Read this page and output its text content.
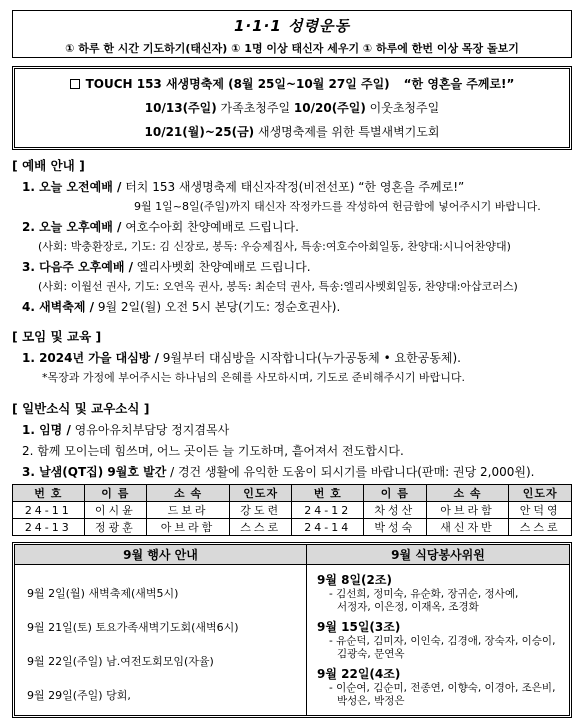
1·1·1 성령운동
① 하루 한 시간 기도하기(태신자) ① 1명 이상 태신자 세우기 ① 하루에 한번 이상 목장 돌보기
TOUCH 153 새생명축제 (8월 25일~10월 27일 주일) “한 영혼을 주께로!”
10/13(주일) 가족초청주일 10/20(주일) 이웃초청주일
10/21(월)~25(금) 새생명축제를 위한 특별새벽기도회
[ 예배 안내 ]
1. 오늘 오전예배 / 터치 153 새생명축제 태신자작정(비전선포) “한 영혼을 주께로!”
9월 1일~8일(주일)까지 태신자 작정카드를 작성하여 헌금함에 넣어주시기 바랍니다.
2. 오늘 오후예배 / 여호수아회 찬양예배로 드립니다.
(사회: 박충환장로, 기도: 김 신장로, 봉독: 우승제집사, 특송:여호수아회일동, 찬양대:시니어찬양대)
3. 다음주 오후예배 / 엘리사벳회 찬양예배로 드립니다.
(사회: 이월선 권사, 기도: 오연옥 권사, 봉독: 최순덕 권사, 특송:엘리사벳회일동, 찬양대:아삽코러스)
4. 새벽축제 / 9월 2일(월) 오전 5시 본당(기도: 정순호권사).
[ 모임 및 교육 ]
1. 2024년 가을 대심방 / 9월부터 대심방을 시작합니다(누가공동체 • 요한공동체).
*목장과 가정에 부어주시는 하나님의 은혜를 사모하시며, 기도로 준비해주시기 바랍니다.
[ 일반소식 및 교우소식 ]
1. 임명 / 영유아유치부담당 정지겸목사
2. 함께 모이는데 힘쓰며, 어느 곳이든 늘 기도하며, 흩어져서 전도합시다.
3. 날샘(QT집) 9월호 발간 / 경건 생활에 유익한 도움이 되시기를 바랍니다(판매: 권당 2,000원).
번 호	이 름	소 속	인도자	번 호	이 름	소 속	인도자
24-11	이시윤	드보라	강도련	24-12	차성산	아브라함	안덕영
24-13	정광훈	아브라함	스스로	24-14	박성숙	새신자반	스스로
9월 행사 안내
9월 2일(월) 새벽축제(새벽5시)
9월 21일(토) 토요가족새벽기도회(새벽6시)
9월 22일(주일) 남.여전도회모임(자율)
9월 29일(주일) 당회,
9월 식당봉사위원
9월 8일(2조)
- 김선희, 정미숙, 유순화, 장귀순, 정사예,
서정자, 이은정, 이재옥, 조경화
9월 15일(3조)
- 유순덕, 김미자, 이인숙, 김경애, 장숙자, 이승이,
김광숙, 문연옥
9월 22일(4조)
- 이순여, 김순미, 전종연, 이향숙, 이경아, 조은비,
박성은, 박정은
